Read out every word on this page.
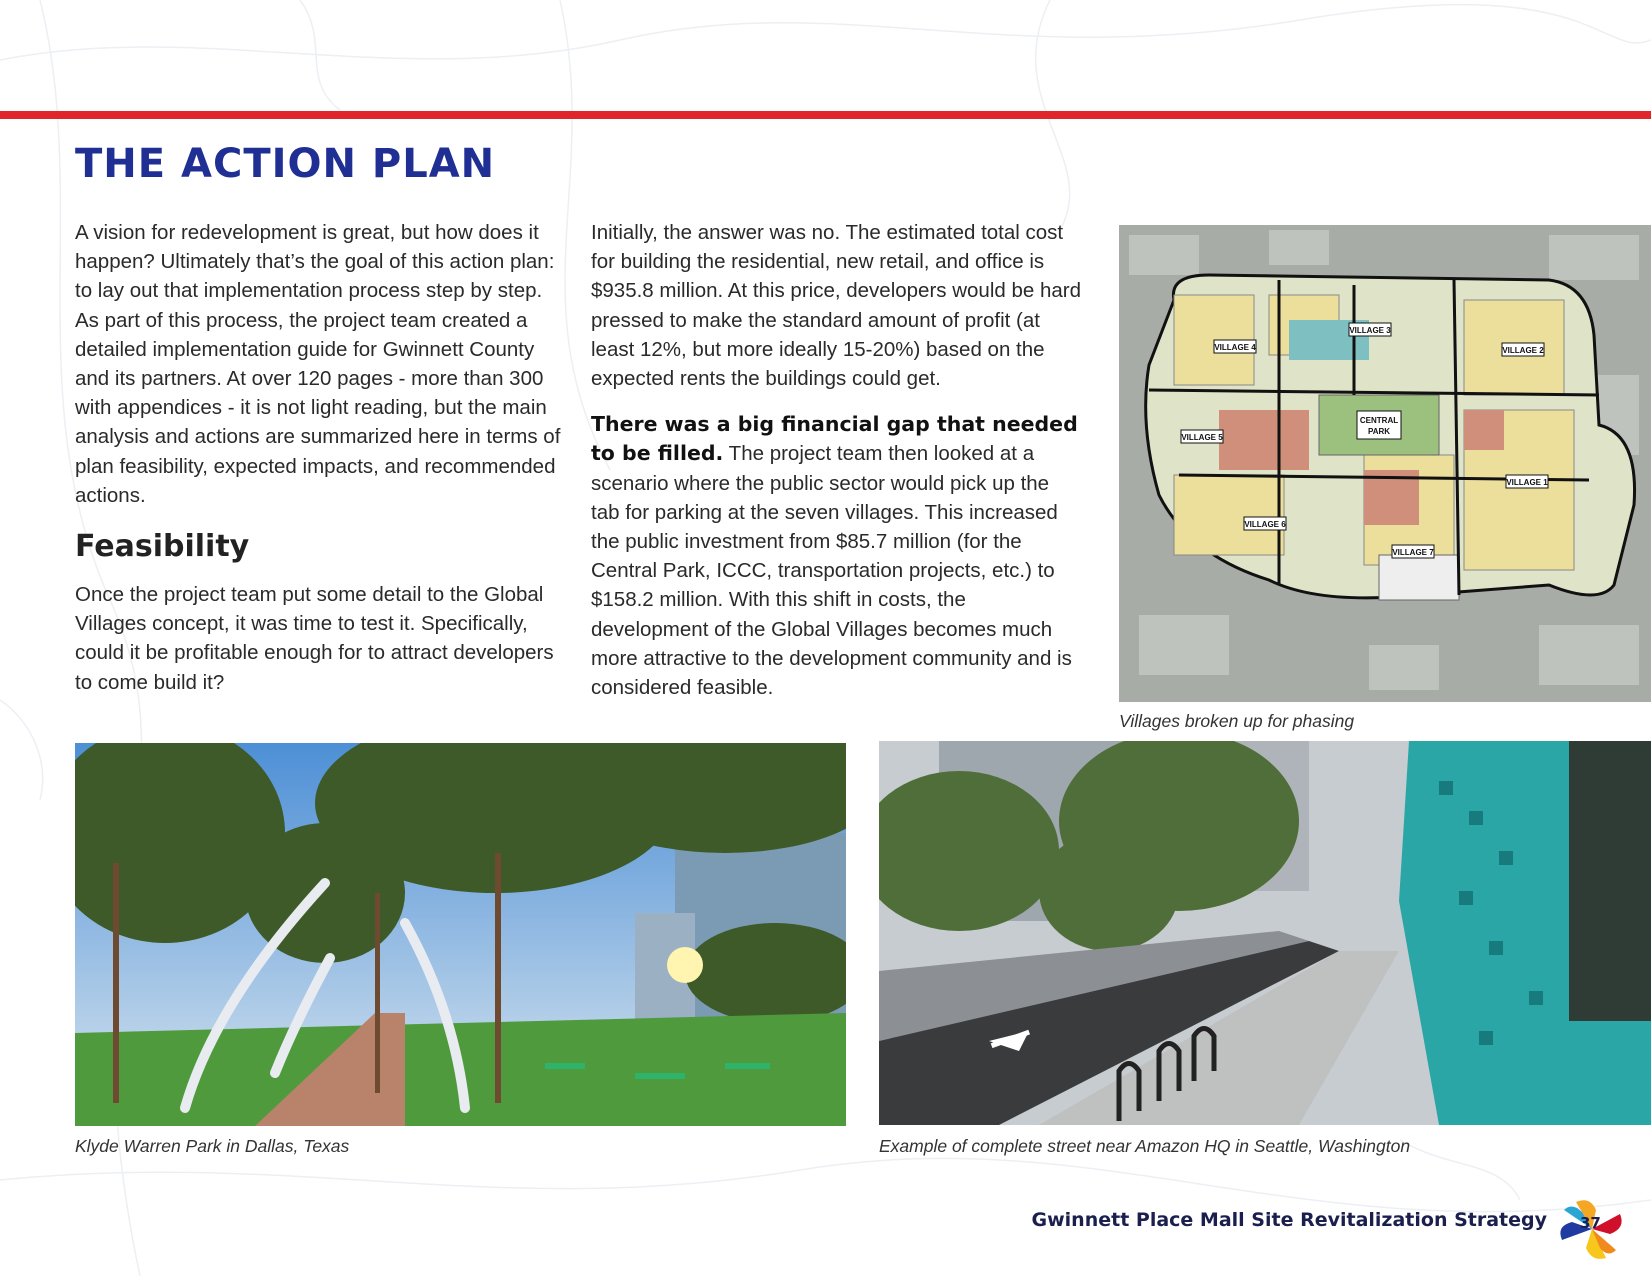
THE ACTION PLAN

A vision for redevelopment is great, but how does it happen? Ultimately that’s the goal of this action plan: to lay out that implementation process step by step. As part of this process, the project team created a detailed implementation guide for Gwinnett County and its partners. At over 120 pages - more than 300 with appendices - it is not light reading, but the main analysis and actions are summarized here in terms of plan feasibility, expected impacts, and recommended actions.

Feasibility

Once the project team put some detail to the Global Villages concept, it was time to test it. Specifically, could it be profitable enough for to attract developers to come build it?

Initially, the answer was no. The estimated total cost for building the residential, new retail, and office is $935.8 million. At this price, developers would be hard pressed to make the standard amount of profit (at least 12%, but more ideally 15-20%) based on the expected rents the buildings could get.

There was a big financial gap that needed to be filled. The project team then looked at a scenario where the public sector would pick up the tab for parking at the seven villages. This increased the public investment from $85.7 million (for the Central Park, ICCC, transportation projects, etc.) to $158.2 million. With this shift in costs, the development of the Global Villages becomes much more attractive to the development community and is considered feasible.

VILLAGE 4
VILLAGE 3
VILLAGE 2
VILLAGE 5
CENTRAL
PARK
VILLAGE 1
VILLAGE 6
VILLAGE 7
Villages broken up for phasing
Klyde Warren Park in Dallas, Texas	Example of complete street near Amazon HQ in Seattle, Washington
Gwinnett Place Mall Site Revitalization Strategy 37
